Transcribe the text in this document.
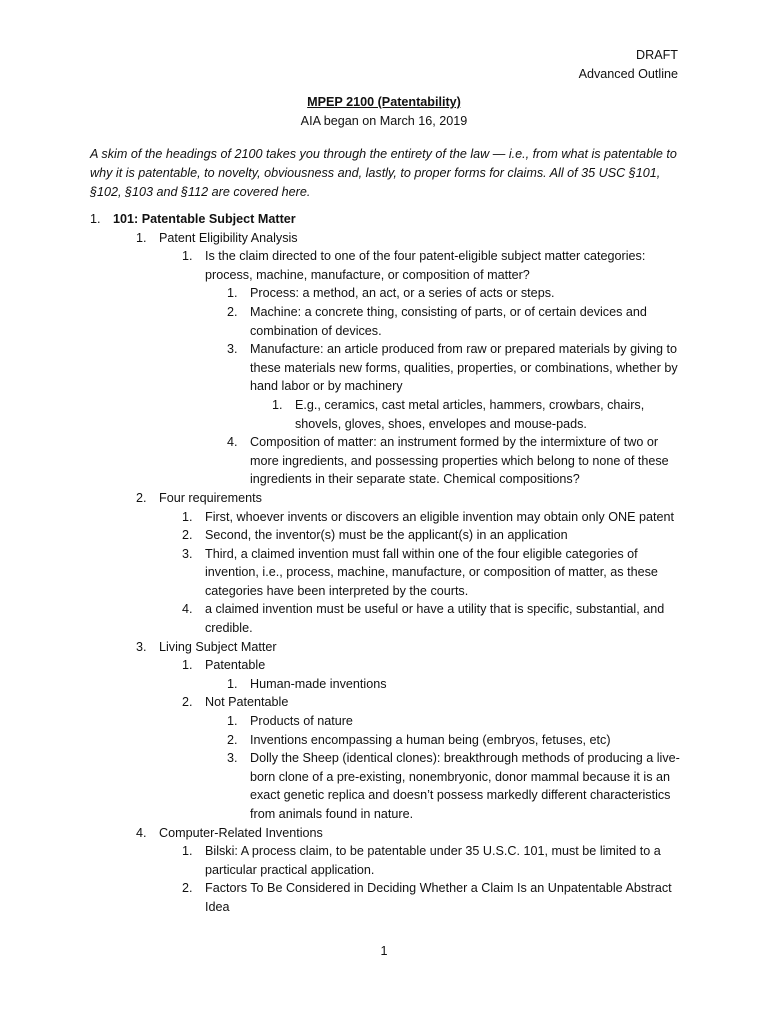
DRAFT
Advanced Outline
MPEP 2100 (Patentability)
AIA began on March 16, 2019
A skim of the headings of 2100 takes you through the entirety of the law — i.e., from what is patentable to why it is patentable, to novelty, obviousness and, lastly, to proper forms for claims. All of 35 USC §101, §102, §103 and §112 are covered here.
1. 101: Patentable Subject Matter
1. Patent Eligibility Analysis
1. Is the claim directed to one of the four patent-eligible subject matter categories: process, machine, manufacture, or composition of matter?
1. Process: a method, an act, or a series of acts or steps.
2. Machine: a concrete thing, consisting of parts, or of certain devices and combination of devices.
3. Manufacture: an article produced from raw or prepared materials by giving to these materials new forms, qualities, properties, or combinations, whether by hand labor or by machinery
1. E.g., ceramics, cast metal articles, hammers, crowbars, chairs, shovels, gloves, shoes, envelopes and mouse-pads.
4. Composition of matter: an instrument formed by the intermixture of two or more ingredients, and possessing properties which belong to none of these ingredients in their separate state. Chemical compositions?
2. Four requirements
1. First, whoever invents or discovers an eligible invention may obtain only ONE patent
2. Second, the inventor(s) must be the applicant(s) in an application
3. Third, a claimed invention must fall within one of the four eligible categories of invention, i.e., process, machine, manufacture, or composition of matter, as these categories have been interpreted by the courts.
4. a claimed invention must be useful or have a utility that is specific, substantial, and credible.
3. Living Subject Matter
1. Patentable
1. Human-made inventions
2. Not Patentable
1. Products of nature
2. Inventions encompassing a human being (embryos, fetuses, etc)
3. Dolly the Sheep (identical clones): breakthrough methods of producing a live-born clone of a pre-existing, nonembryonic, donor mammal because it is an exact genetic replica and doesn’t possess markedly different characteristics from animals found in nature.
4. Computer-Related Inventions
1. Bilski: A process claim, to be patentable under 35 U.S.C. 101, must be limited to a particular practical application.
2. Factors To Be Considered in Deciding Whether a Claim Is an Unpatentable Abstract Idea
1
